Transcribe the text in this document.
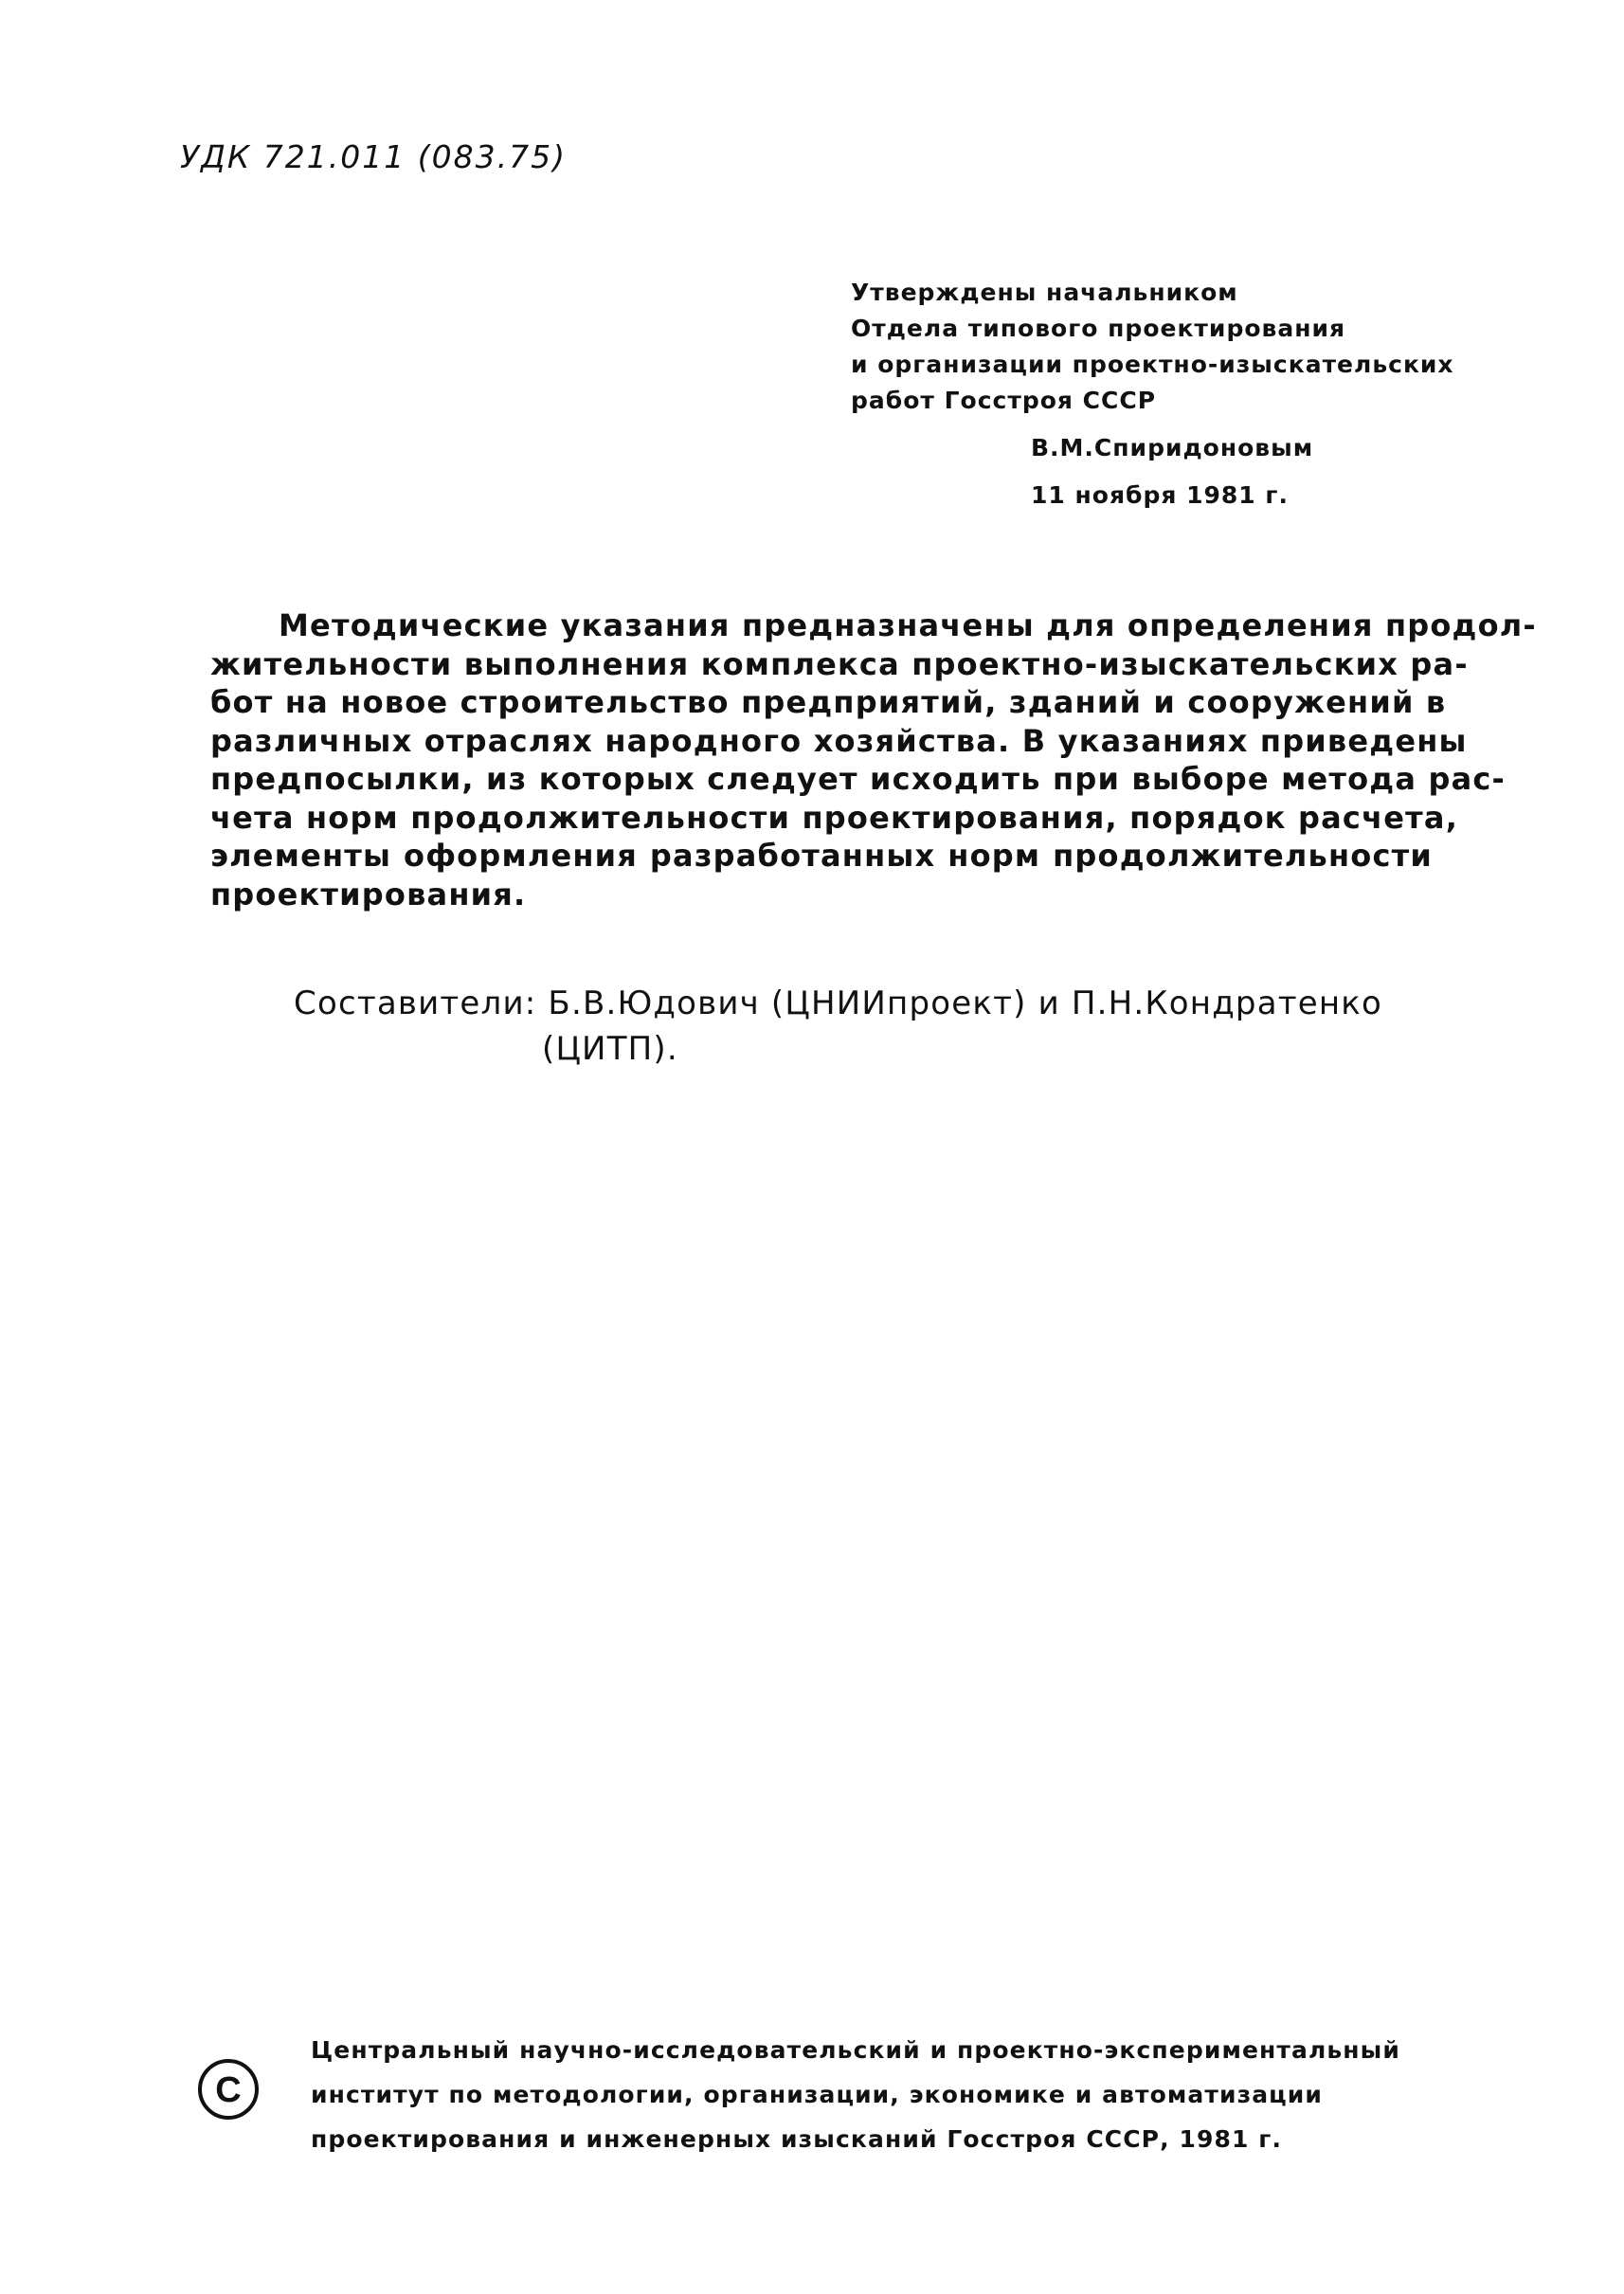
УДК 721.011 (083.75)
Утверждены начальником
Отдела типового проектирования
и организации проектно-изыскательских
работ Госстроя СССР
В.М.Спиридоновым
11 ноября 1981 г.
Методические указания предназначены для определения продол-
жительности выполнения комплекса проектно-изыскательских ра-
бот на новое строительство предприятий, зданий и сооружений в
различных отраслях народного хозяйства. В указаниях приведены
предпосылки, из которых следует исходить при выборе метода рас-
чета норм продолжительности проектирования, порядок расчета,
элементы оформления разработанных норм продолжительности
проектирования.
Составители: Б.В.Юдович (ЦНИИпроект) и П.Н.Кондратенко
(ЦИТП).
C
Центральный научно-исследовательский и проектно-экспериментальный
институт по методологии, организации, экономике и автоматизации
проектирования и инженерных изысканий Госстроя СССР, 1981 г.
